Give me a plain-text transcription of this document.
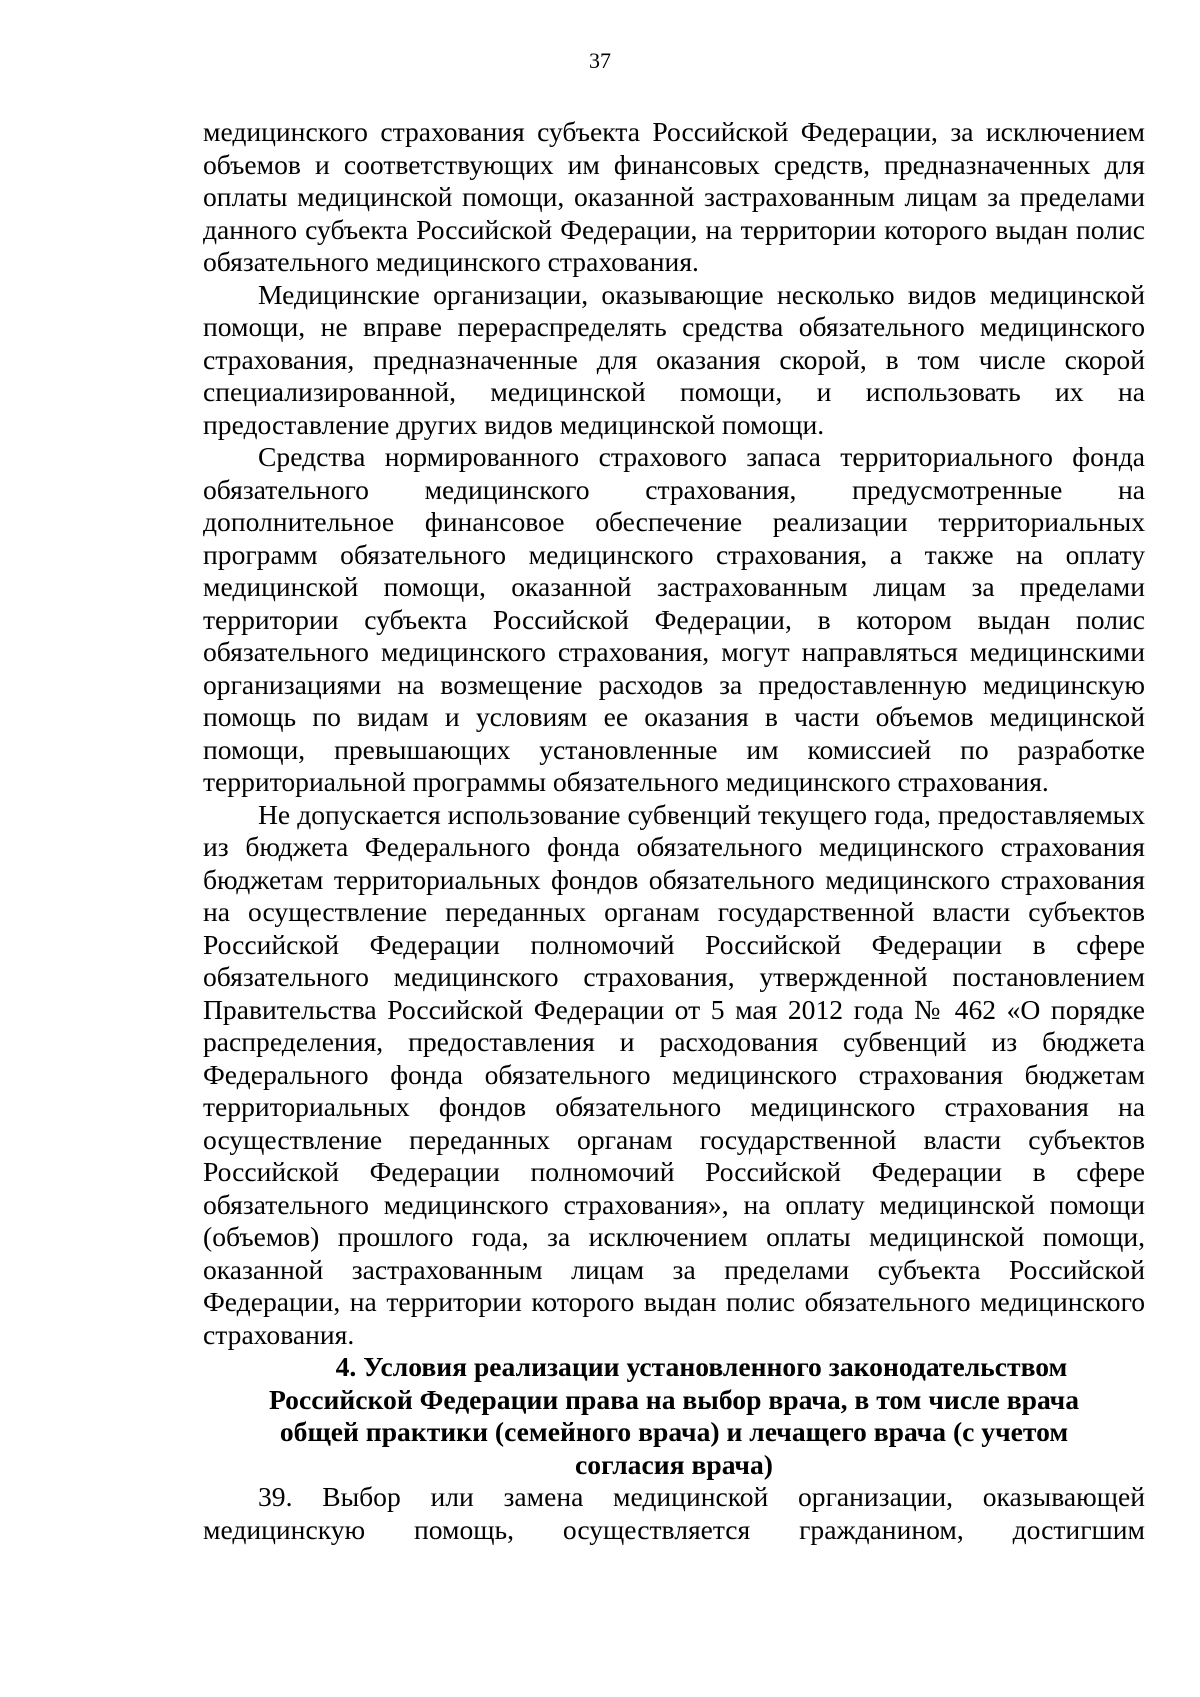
37

медицинского страхования субъекта Российской Федерации, за исключением объемов и соответствующих им финансовых средств, предназначенных для оплаты медицинской помощи, оказанной застрахованным лицам за пределами данного субъекта Российской Федерации, на территории которого выдан полис обязательного медицинского страхования.

Медицинские организации, оказывающие несколько видов медицинской помощи, не вправе перераспределять средства обязательного медицинского страхования, предназначенные для оказания скорой, в том числе скорой специализированной, медицинской помощи, и использовать их на предоставление других видов медицинской помощи.

Средства нормированного страхового запаса территориального фонда обязательного медицинского страхования, предусмотренные на дополнительное финансовое обеспечение реализации территориальных программ обязательного медицинского страхования, а также на оплату медицинской помощи, оказанной застрахованным лицам за пределами территории субъекта Российской Федерации, в котором выдан полис обязательного медицинского страхования, могут направляться медицинскими организациями на возмещение расходов за предоставленную медицинскую помощь по видам и условиям ее оказания в части объемов медицинской помощи, превышающих установленные им комиссией по разработке территориальной программы обязательного медицинского страхования.

Не допускается использование субвенций текущего года, предоставляемых из бюджета Федерального фонда обязательного медицинского страхования бюджетам территориальных фондов обязательного медицинского страхования на осуществление переданных органам государственной власти субъектов Российской Федерации полномочий Российской Федерации в сфере обязательного медицинского страхования, утвержденной постановлением Правительства Российской Федерации от 5 мая 2012 года № 462 «О порядке распределения, предоставления и расходования субвенций из бюджета Федерального фонда обязательного медицинского страхования бюджетам территориальных фондов обязательного медицинского страхования на осуществление переданных органам государственной власти субъектов Российской Федерации полномочий Российской Федерации в сфере обязательного медицинского страхования», на оплату медицинской помощи (объемов) прошлого года, за исключением оплаты медицинской помощи, оказанной застрахованным лицам за пределами субъекта Российской Федерации, на территории которого выдан полис обязательного медицинского страхования.

4. Условия реализации установленного законодательством Российской Федерации права на выбор врача, в том числе врача общей практики (семейного врача) и лечащего врача (с учетом согласия врача)

39. Выбор или замена медицинской организации, оказывающей медицинскую помощь, осуществляется гражданином, достигшим
